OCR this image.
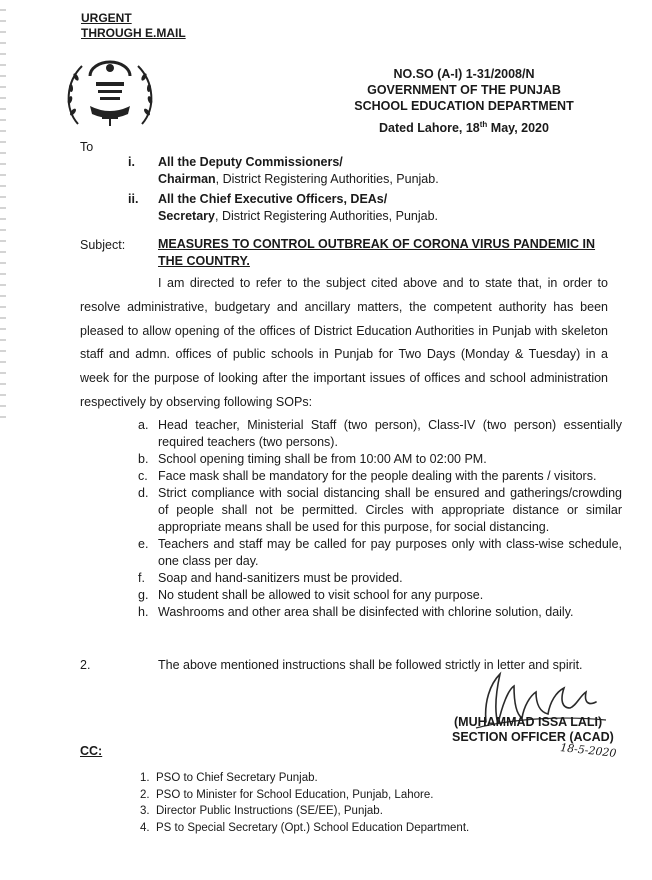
URGENT
THROUGH E.MAIL
NO.SO (A-I) 1-31/2008/N
GOVERNMENT OF THE PUNJAB
SCHOOL EDUCATION DEPARTMENT
Dated Lahore, 18th May, 2020
To
i. All the Deputy Commissioners/
Chairman, District Registering Authorities, Punjab.
ii. All the Chief Executive Officers, DEAs/
Secretary, District Registering Authorities, Punjab.
Subject:	MEASURES TO CONTROL OUTBREAK OF CORONA VIRUS PANDEMIC IN THE COUNTRY.
I am directed to refer to the subject cited above and to state that, in order to resolve administrative, budgetary and ancillary matters, the competent authority has been pleased to allow opening of the offices of District Education Authorities in Punjab with skeleton staff and admn. offices of public schools in Punjab for Two Days (Monday & Tuesday) in a week for the purpose of looking after the important issues of offices and school administration respectively by observing following SOPs:
a. Head teacher, Ministerial Staff (two person), Class-IV (two person) essentially required teachers (two persons).
b. School opening timing shall be from 10:00 AM to 02:00 PM.
c. Face mask shall be mandatory for the people dealing with the parents / visitors.
d. Strict compliance with social distancing shall be ensured and gatherings/crowding of people shall not be permitted. Circles with appropriate distance or similar appropriate means shall be used for this purpose, for social distancing.
e. Teachers and staff may be called for pay purposes only with class-wise schedule, one class per day.
f. Soap and hand-sanitizers must be provided.
g. No student shall be allowed to visit school for any purpose.
h. Washrooms and other area shall be disinfected with chlorine solution, daily.
2.	The above mentioned instructions shall be followed strictly in letter and spirit.
(MUHAMMAD ISSA LALI)
SECTION OFFICER (ACAD)
18-5-2020
CC:
1. PSO to Chief Secretary Punjab.
2. PSO to Minister for School Education, Punjab, Lahore.
3. Director Public Instructions (SE/EE), Punjab.
4. PS to Special Secretary (Opt.) School Education Department.
